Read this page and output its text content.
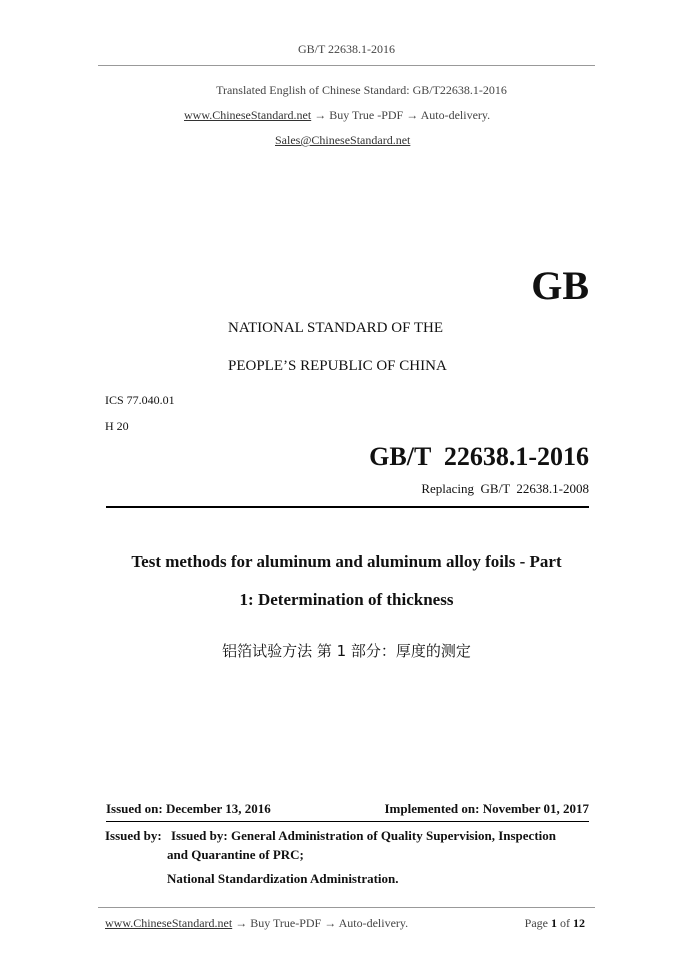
GB/T 22638.1-2016
Translated English of Chinese Standard: GB/T22638.1-2016
www.ChineseStandard.net → Buy True -PDF → Auto-delivery.
Sales@ChineseStandard.net
GB
NATIONAL STANDARD OF THE
PEOPLE’S REPUBLIC OF CHINA
ICS 77.040.01
H 20
GB/T  22638.1-2016
Replacing  GB/T  22638.1-2008
Test methods for aluminum and aluminum alloy foils - Part
1: Determination of thickness
铝箔试验方法 第 1 部分：厚度的测定
Issued on: December 13, 2016	Implemented on: November 01, 2017
Issued by: Issued by: General Administration of Quality Supervision, Inspection
and Quarantine of PRC;
National Standardization Administration.
www.ChineseStandard.net → Buy True-PDF → Auto-delivery.	Page 1 of 12
